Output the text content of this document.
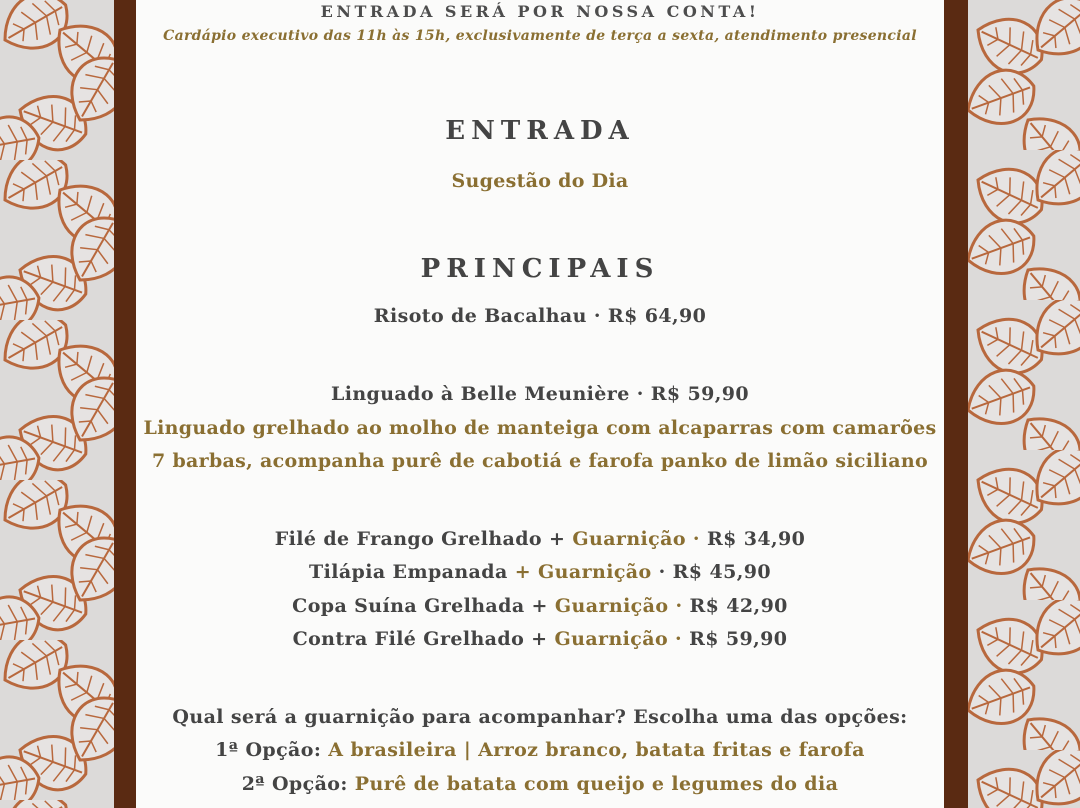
ENTRADA SERÁ POR NOSSA CONTA!
Cardápio executivo das 11h às 15h, exclusivamente de terça a sexta, atendimento presencial
ENTRADA
Sugestão do Dia
PRINCIPAIS
Risoto de Bacalhau · R$ 64,90
Linguado à Belle Meunière · R$ 59,90
Linguado grelhado ao molho de manteiga com alcaparras com camarões
7 barbas, acompanha purê de cabotiá e farofa panko de limão siciliano
Filé de Frango Grelhado + Guarnição · R$ 34,90
Tilápia Empanada + Guarnição · R$ 45,90
Copa Suína Grelhada + Guarnição · R$ 42,90
Contra Filé Grelhado + Guarnição · R$ 59,90
Qual será a guarnição para acompanhar? Escolha uma das opções:
1ª Opção: A brasileira | Arroz branco, batata fritas e farofa
2ª Opção: Purê de batata com queijo e legumes do dia
